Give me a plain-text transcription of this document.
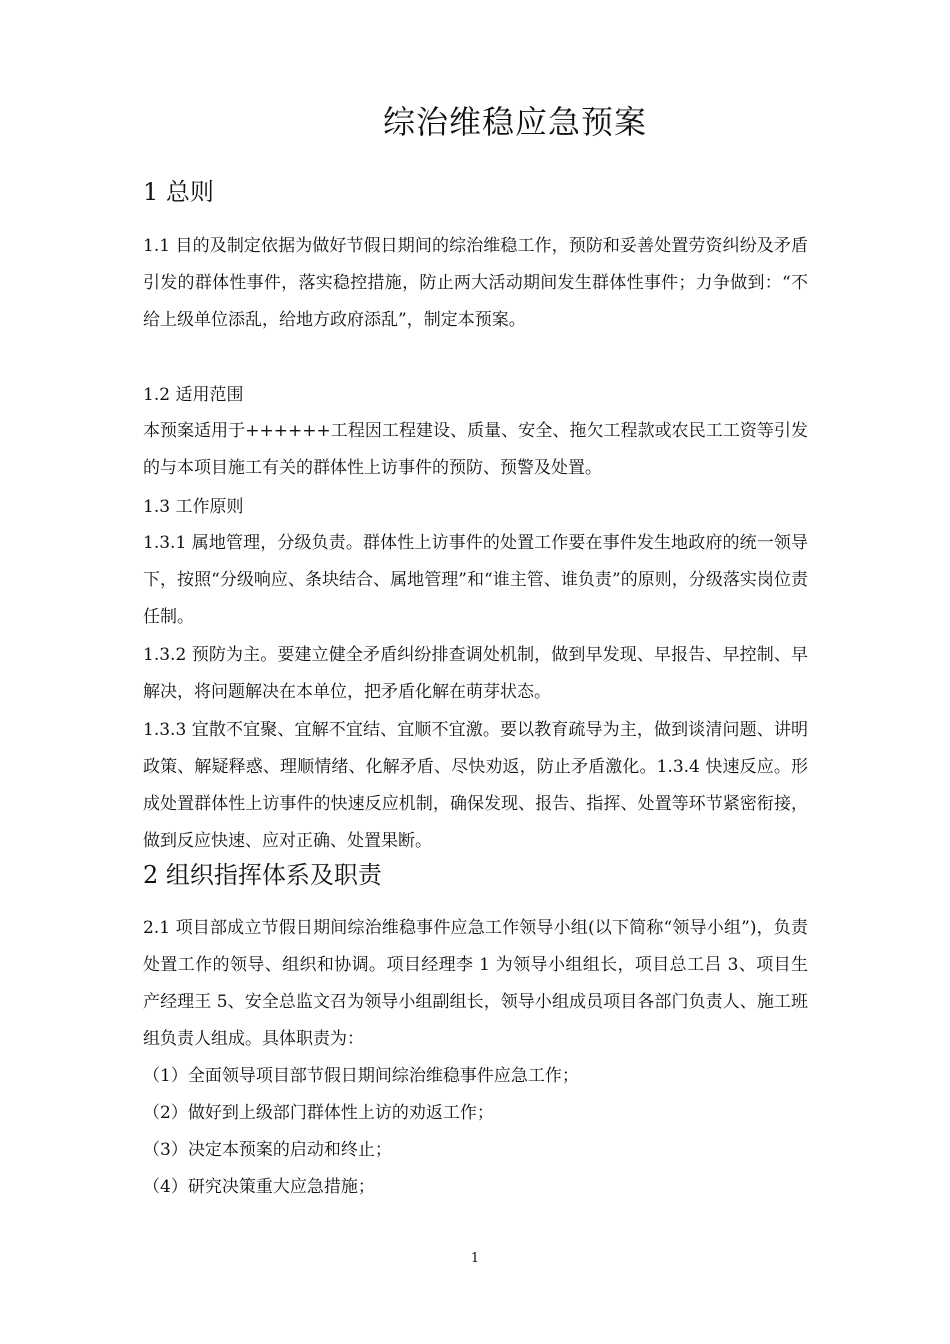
综治维稳应急预案
1 总则
1.1 目的及制定依据为做好节假日期间的综治维稳工作，预防和妥善处置劳资纠纷及矛盾引发的群体性事件，落实稳控措施，防止两大活动期间发生群体性事件；力争做到：“不给上级单位添乱，给地方政府添乱”，制定本预案。
1.2 适用范围
本预案适用于++++++工程因工程建设、质量、安全、拖欠工程款或农民工工资等引发的与本项目施工有关的群体性上访事件的预防、预警及处置。
1.3 工作原则
1.3.1 属地管理，分级负责。群体性上访事件的处置工作要在事件发生地政府的统一领导下，按照“分级响应、条块结合、属地管理”和“谁主管、谁负责”的原则，分级落实岗位责任制。
1.3.2 预防为主。要建立健全矛盾纠纷排查调处机制，做到早发现、早报告、早控制、早解决，将问题解决在本单位，把矛盾化解在萌芽状态。
1.3.3 宜散不宜聚、宜解不宜结、宜顺不宜激。要以教育疏导为主，做到谈清问题、讲明政策、解疑释惑、理顺情绪、化解矛盾、尽快劝返，防止矛盾激化。1.3.4 快速反应。形成处置群体性上访事件的快速反应机制，确保发现、报告、指挥、处置等环节紧密衔接，做到反应快速、应对正确、处置果断。
2 组织指挥体系及职责
2.1 项目部成立节假日期间综治维稳事件应急工作领导小组(以下简称“领导小组”)，负责处置工作的领导、组织和协调。项目经理李 1 为领导小组组长，项目总工吕 3、项目生产经理王 5、安全总监文召为领导小组副组长，领导小组成员项目各部门负责人、施工班组负责人组成。具体职责为：
（1）全面领导项目部节假日期间综治维稳事件应急工作；
（2）做好到上级部门群体性上访的劝返工作；
（3）决定本预案的启动和终止；
（4）研究决策重大应急措施；
1
